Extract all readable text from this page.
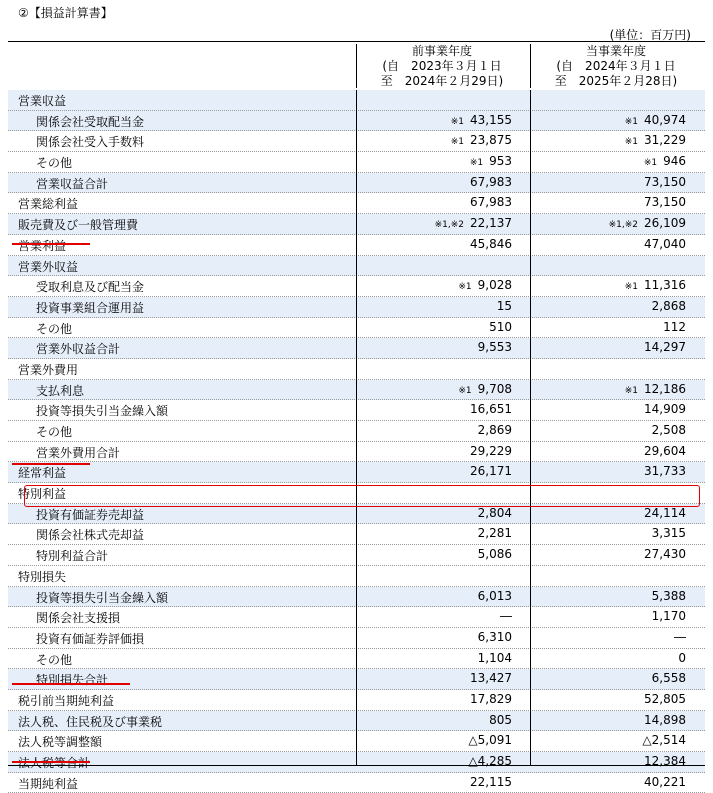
②【損益計算書】
(単位：百万円)
前事業年度
(自　2023年３月１日
至　2024年２月29日)
当事業年度
(自　2024年３月１日
至　2025年２月28日)
営業収益
関係会社受取配当金	※1 43,155	※1 40,974
関係会社受入手数料	※1 23,875	※1 31,229
その他	※1 953	※1 946
営業収益合計	67,983	73,150
営業総利益	67,983	73,150
販売費及び一般管理費	※1,※2 22,137	※1,※2 26,109
営業利益	45,846	47,040
営業外収益
受取利息及び配当金	※1 9,028	※1 11,316
投資事業組合運用益	15	2,868
その他	510	112
営業外収益合計	9,553	14,297
営業外費用
支払利息	※1 9,708	※1 12,186
投資等損失引当金繰入額	16,651	14,909
その他	2,869	2,508
営業外費用合計	29,229	29,604
経常利益	26,171	31,733
特別利益
投資有価証券売却益	2,804	24,114
関係会社株式売却益	2,281	3,315
特別利益合計	5,086	27,430
特別損失
投資等損失引当金繰入額	6,013	5,388
関係会社支援損	―	1,170
投資有価証券評価損	6,310	―
その他	1,104	0
特別損失合計	13,427	6,558
税引前当期純利益	17,829	52,805
法人税、住民税及び事業税	805	14,898
法人税等調整額	△5,091	△2,514
法人税等合計	△4,285	12,384
当期純利益	22,115	40,221
